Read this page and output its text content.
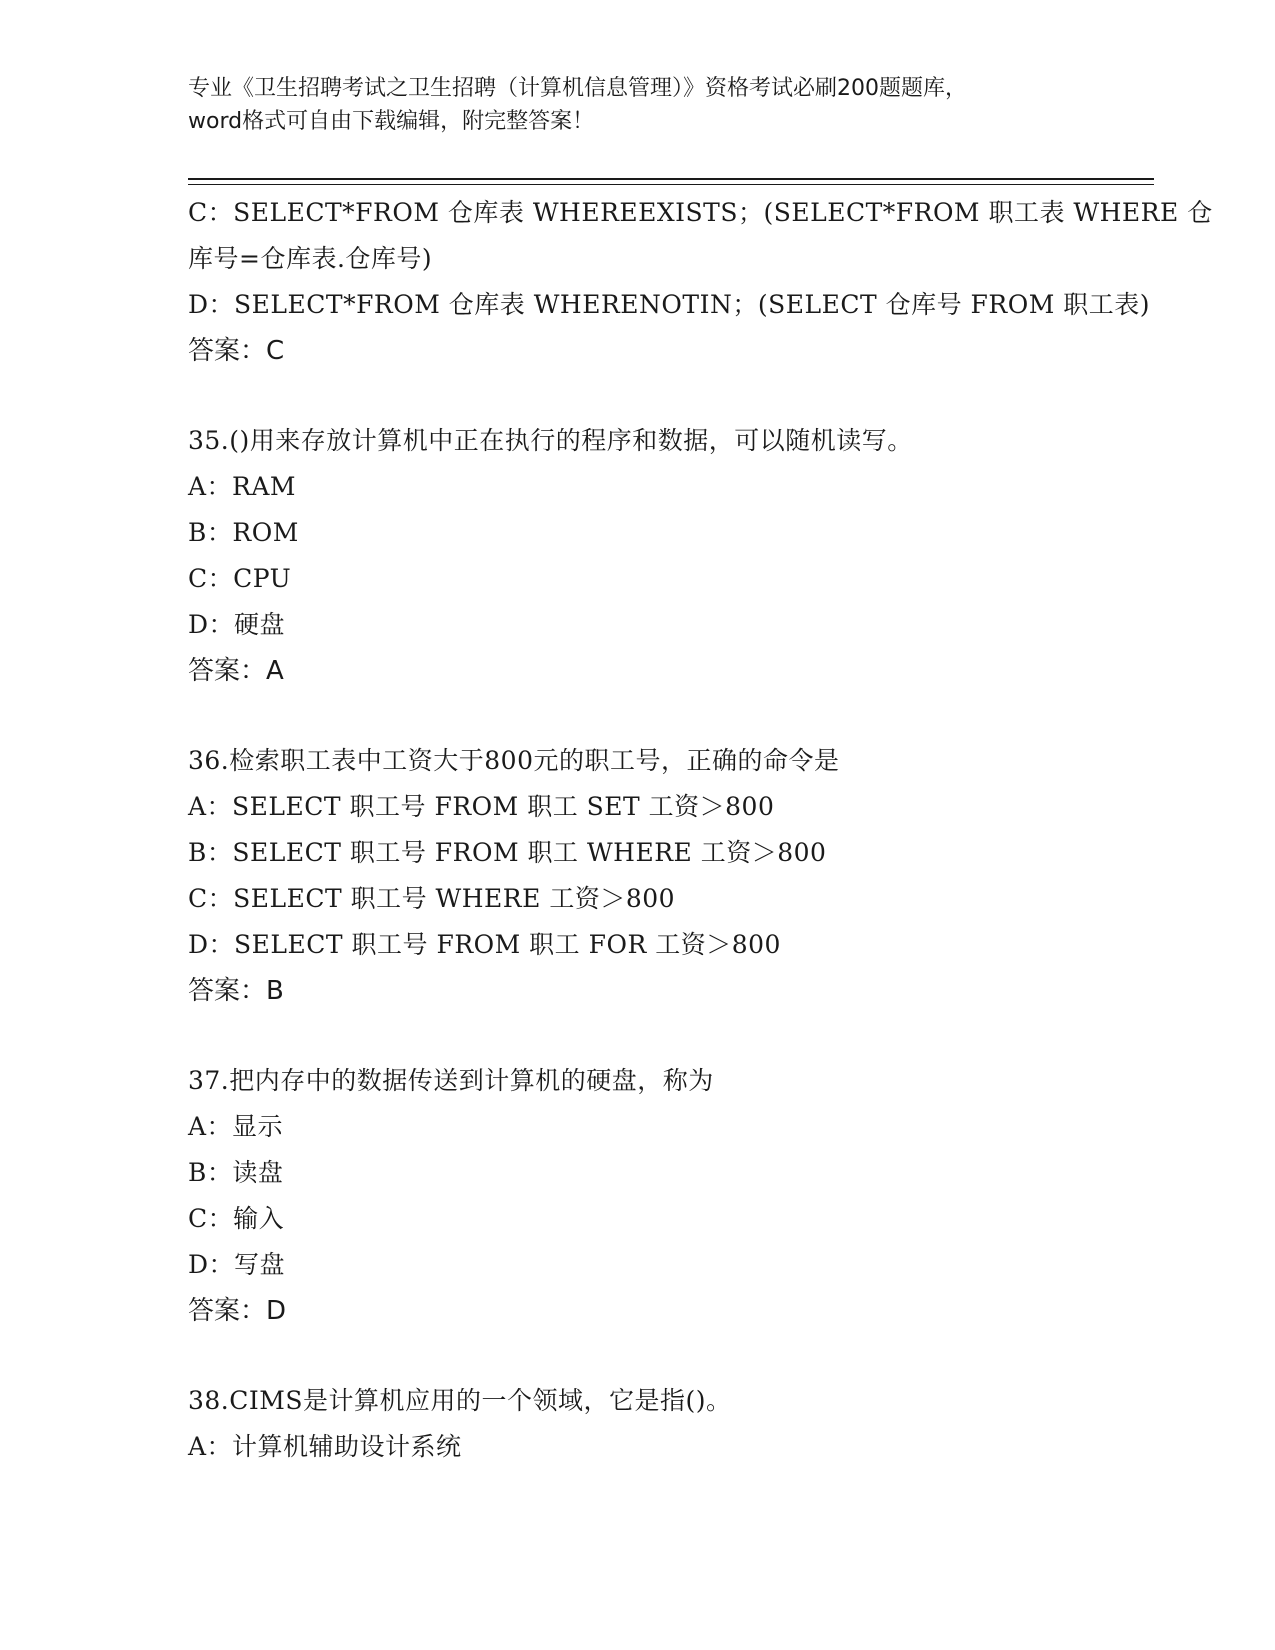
专业《卫生招聘考试之卫生招聘（计算机信息管理）》资格考试必刷200题题库，
word格式可自由下载编辑，附完整答案！
C：SELECT*FROM 仓库表 WHEREEXISTS；(SELECT*FROM 职工表 WHERE 仓
库号=仓库表.仓库号)
D：SELECT*FROM 仓库表 WHERENOTIN；(SELECT 仓库号 FROM 职工表)
答案：C
35.()用来存放计算机中正在执行的程序和数据，可以随机读写。
A：RAM
B：ROM
C：CPU
D：硬盘
答案：A
36.检索职工表中工资大于800元的职工号，正确的命令是
A：SELECT 职工号 FROM 职工 SET 工资＞800
B：SELECT 职工号 FROM 职工 WHERE 工资＞800
C：SELECT 职工号 WHERE 工资＞800
D：SELECT 职工号 FROM 职工 FOR 工资＞800
答案：B
37.把内存中的数据传送到计算机的硬盘，称为
A：显示
B：读盘
C：输入
D：写盘
答案：D
38.CIMS是计算机应用的一个领域，它是指()。
A：计算机辅助设计系统
